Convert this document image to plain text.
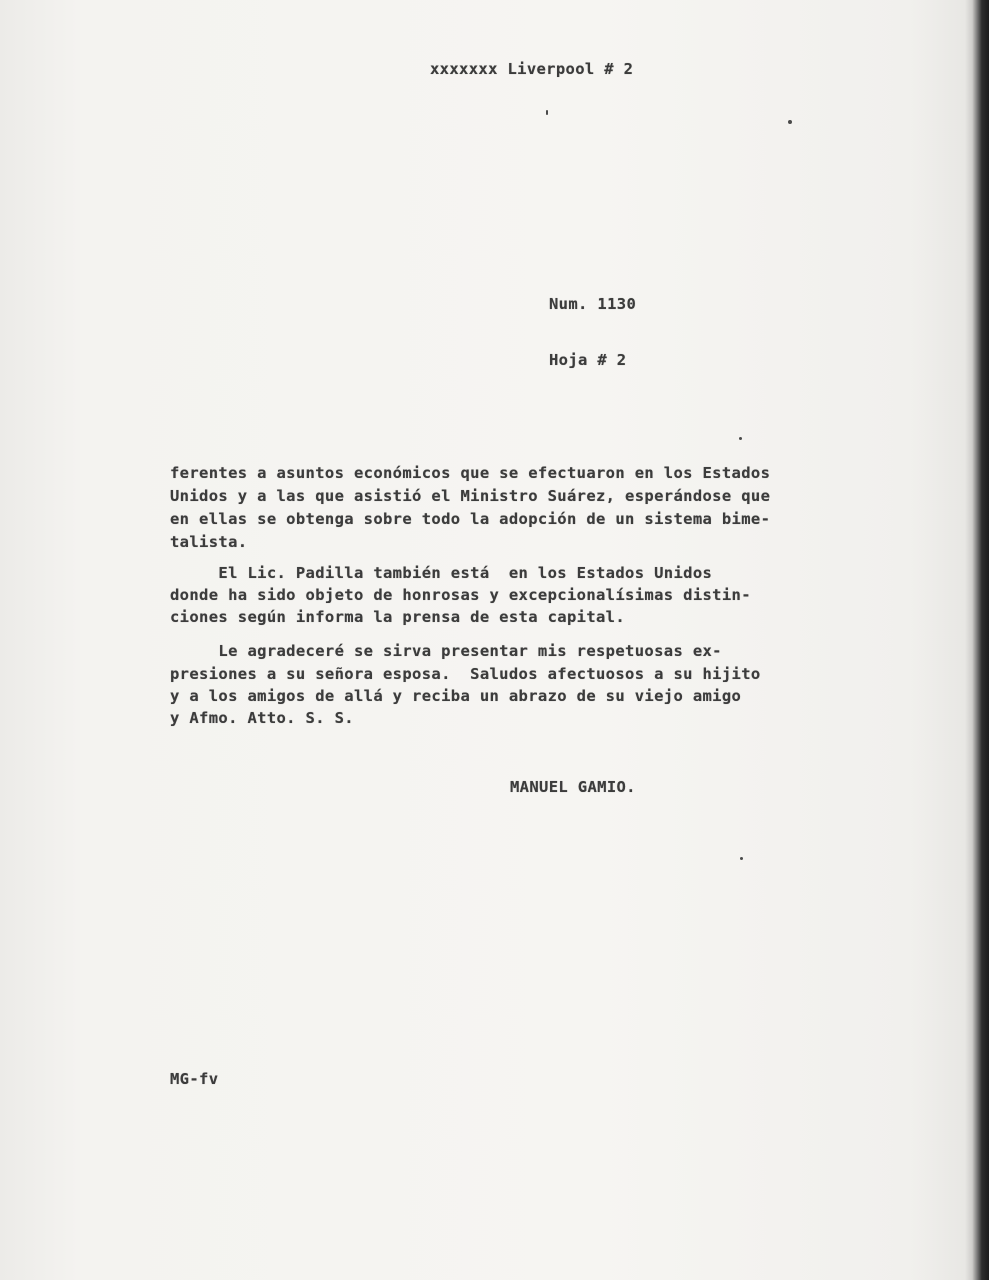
xxxxxxx Liverpool # 2
Num. 1130
Hoja # 2
ferentes a asuntos económicos que se efectuaron en los Estados
Unidos y a las que asistió el Ministro Suárez, esperándose que
en ellas se obtenga sobre todo la adopción de un sistema bime-
talista.
El Lic. Padilla también está  en los Estados Unidos
donde ha sido objeto de honrosas y excepcionalísimas distin-
ciones según informa la prensa de esta capital.
Le agradeceré se sirva presentar mis respetuosas ex-
presiones a su señora esposa.  Saludos afectuosos a su hijito
y a los amigos de allá y reciba un abrazo de su viejo amigo
y Afmo. Atto. S. S.
MANUEL GAMIO.
MG-fv
